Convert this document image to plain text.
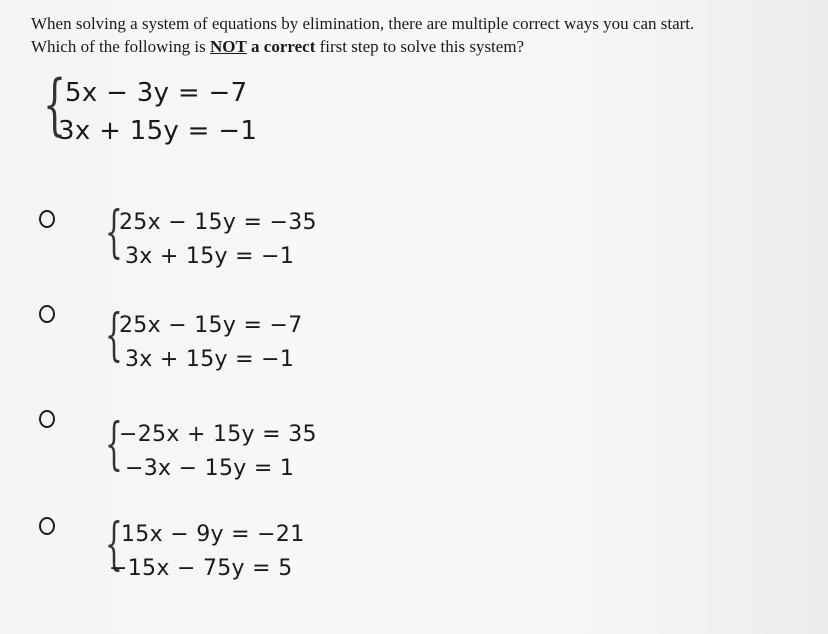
When solving a system of equations by elimination, there are multiple correct ways you can start.
Which of the following is NOT a correct first step to solve this system?
{
5x − 3y = −7
3x + 15y = −1
{
25x − 15y = −35
3x + 15y = −1
{
25x − 15y = −7
3x + 15y = −1
{
−25x + 15y = 35
−3x − 15y = 1
{
15x − 9y = −21
−15x − 75y = 5
